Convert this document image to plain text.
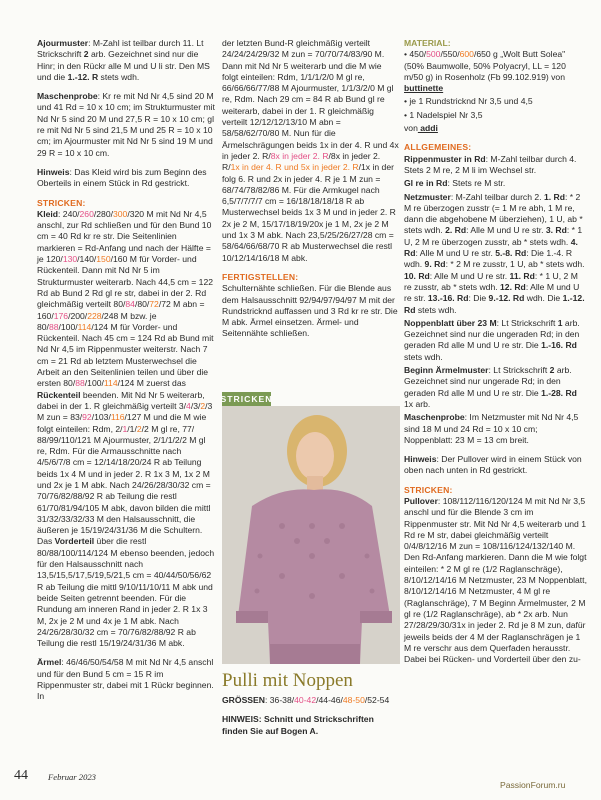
Ajourmuster: M-Zahl ist teilbar durch 11. Lt Strickschrift 2 arb. Gezeichnet sind nur die Hinr; in den Rückr alle M und U li str. Den MS und die 1.-12. R stets wdh.

Maschenprobe: Kr re mit Nd Nr 4,5 sind 20 M und 41 Rd = 10 x 10 cm; im Strukturmuster mit Nd Nr 5 sind 20 M und 27,5 R = 10 x 10 cm; gl re mit Nd Nr 5 sind 21,5 M und 25 R = 10 x 10 cm; im Ajourmuster mit Nd Nr 5 sind 19 M und 29 R = 10 x 10 cm.

Hinweis: Das Kleid wird bis zum Beginn des Oberteils in einem Stück in Rd gestrickt.

STRICKEN:

Kleid: 240/260/280/300/320 M mit Nd Nr 4,5 anschl, zur Rd schließen und für den Bund 10 cm = 40 Rd kr re str. Die Seitenlinien markieren = Rd-Anfang und nach der Hälfte = je 120/130/140/150/160 M für Vorder- und Rückenteil. Dann mit Nd Nr 5 im Strukturmuster weiterarb. Nach 44,5 cm = 122 Rd ab Bund 2 Rd gl re str, dabei in der 2. Rd gleichmäßig verteilt 80/84/80/72/72 M abn = 160/176/200/228/248 M bzw. je 80/88/100/114/124 M für Vorder- und Rückenteil. Nach 45 cm = 124 Rd ab Bund mit Nd Nr 4,5 im Rippenmuster weiterstr. Nach 7 cm = 21 Rd ab letztem Musterwechsel die Arbeit an den Seitenlinien teilen und über die ersten 80/88/100/114/124 M zuerst das Rückenteil beenden. Mit Nd Nr 5 weiterarb, dabei in der 1. R gleichmäßig verteilt 3/4/3/2/3 M zun = 83/92/103/116/127 M und die M wie folgt einteilen: Rdm, 2/1/1/2/2 M gl re, 77/ 88/99/110/121 M Ajourmuster, 2/1/1/2/2 M gl re, Rdm. Für die Armausschnitte nach 4/5/6/7/8 cm = 12/14/18/20/24 R ab Teilung beids 1x 4 M und in jeder 2. R 1x 3 M, 1x 2 M und 2x je 1 M abk. Nach 24/26/28/30/32 cm = 70/76/82/88/92 R ab Teilung die restl 61/70/81/94/105 M abk, davon bilden die mittl 31/32/33/32/33 M den Halsausschnitt, die äußeren je 15/19/24/31/36 M die Schultern. Das Vorderteil über die restl 80/88/100/114/124 M ebenso beenden, jedoch für den Halsausschnitt nach 13,5/15,5/17,5/19,5/21,5 cm = 40/44/50/56/62 R ab Teilung die mittl 9/10/11/10/11 M abk und beide Seiten getrennt beenden. Für die Rundung am inneren Rand in jeder 2. R 1x 3 M, 2x je 2 M und 4x je 1 M abk. Nach 24/26/28/30/32 cm = 70/76/82/88/92 R ab Teilung die restl 15/19/24/31/36 M abk.

Ärmel: 46/46/50/54/58 M mit Nd Nr 4,5 anschl und für den Bund 5 cm = 15 R im Rippenmuster str, dabei mit 1 Rückr beginnen. In

der letzten Bund-R gleichmäßig verteilt 24/24/24/29/32 M zun = 70/70/74/83/90 M. Dann mit Nd Nr 5 weiterarb und die M wie folgt einteilen: Rdm, 1/1/1/2/0 M gl re, 66/66/66/77/88 M Ajourmuster, 1/1/3/2/0 M gl re, Rdm. Nach 29 cm = 84 R ab Bund gl re weiterarb, dabei in der 1. R gleichmäßig verteilt 12/12/12/13/10 M abn = 58/58/62/70/80 M. Nun für die Ärmelschrägungen beids 1x in der 4. R und 4x in jeder 2. R/8x in jeder 2. R/8x in jeder 2. R/1x in der 4. R und 5x in jeder 2. R/1x in der folg 6. R und 2x in jeder 4. R je 1 M zun = 68/74/78/82/86 M. Für die Armkugel nach 6,5/7/7/7/7 cm = 16/18/18/18/18 R ab Musterwechsel beids 1x 3 M und in jeder 2. R 2x je 2 M, 15/17/18/19/20x je 1 M, 2x je 2 M und 1x 3 M abk. Nach 23,5/25/26/27/28 cm = 58/64/66/68/70 R ab Musterwechsel die restl 10/12/14/16/18 M abk.

FERTIGSTELLEN:

Schulternähte schließen. Für die Blende aus dem Halsausschnitt 92/94/97/94/97 M mit der Rundstricknd auffassen und 3 Rd kr re str. Die M abk. Ärmel einsetzen. Ärmel- und Seitennähte schließen.

STRICKEN
Pulli mit Noppen
GRÖSSEN: 36-38/40-42/44-46/48-50/52-54
HINWEIS: Schnitt und Strickschriften finden Sie auf Bogen A.
MATERIAL:

• 450/500/550/600/650 g „Wolt Butt Solea" (50% Baumwolle, 50% Polyacryl, LL = 120 m/50 g) in Rosenholz (Fb 99.102.919) von buttinette

• je 1 Rundstricknd Nr 3,5 und 4,5

• 1 Nadelspiel Nr 3,5

von addi

ALLGEMEINES:

Rippenmuster in Rd: M-Zahl teilbar durch 4. Stets 2 M re, 2 M li im Wechsel str.

Gl re in Rd: Stets re M str.

Netzmuster: M-Zahl teilbar durch 2. 1. Rd: * 2 M re überzogen zusstr (= 1 M re abh, 1 M re, dann die abgehobene M überziehen), 1 U, ab * stets wdh. 2. Rd: Alle M und U re str. 3. Rd: * 1 U, 2 M re überzogen zusstr, ab * stets wdh. 4. Rd: Alle M und U re str. 5.-8. Rd: Die 1.-4. R wdh. 9. Rd: * 2 M re zusstr, 1 U, ab * stets wdh. 10. Rd: Alle M und U re str. 11. Rd: * 1 U, 2 M re zusstr, ab * stets wdh. 12. Rd: Alle M und U re str. 13.-16. Rd: Die 9.-12. Rd wdh. Die 1.-12. Rd stets wdh.

Noppenblatt über 23 M: Lt Strickschrift 1 arb. Gezeichnet sind nur die ungeraden Rd; in den geraden Rd alle M und U re str. Die 1.-16. Rd stets wdh.

Beginn Ärmelmuster: Lt Strickschrift 2 arb. Gezeichnet sind nur ungerade Rd; in den geraden Rd alle M und U re str. Die 1.-28. Rd 1x arb.

Maschenprobe: Im Netzmuster mit Nd Nr 4,5 sind 18 M und 24 Rd = 10 x 10 cm; Noppenblatt: 23 M = 13 cm breit.

Hinweis: Der Pullover wird in einem Stück von oben nach unten in Rd gestrickt.

STRICKEN:

Pullover: 108/112/116/120/124 M mit Nd Nr 3,5 anschl und für die Blende 3 cm im Rippenmuster str. Mit Nd Nr 4,5 weiterarb und 1 Rd re M str, dabei gleichmäßig verteilt 0/4/8/12/16 M zun = 108/116/124/132/140 M. Den Rd-Anfang markieren. Dann die M wie folgt einteilen: * 2 M gl re (1/2 Raglanschräge), 8/10/12/14/16 M Netzmuster, 23 M Noppenblatt, 8/10/12/14/16 M Netzmuster, 4 M gl re (Raglanschräge), 7 M Beginn Ärmelmuster, 2 M gl re (1/2 Raglanschräge), ab * 2x arb. Nun 27/28/29/30/31x in jeder 2. Rd je 8 M zun, dafür jeweils beids der 4 M der Raglanschrägen je 1 M re verschr aus dem Querfaden herausstr. Dabei bei Rücken- und Vorderteil über den zu-

44 Februar 2023
PassionForum.ru
